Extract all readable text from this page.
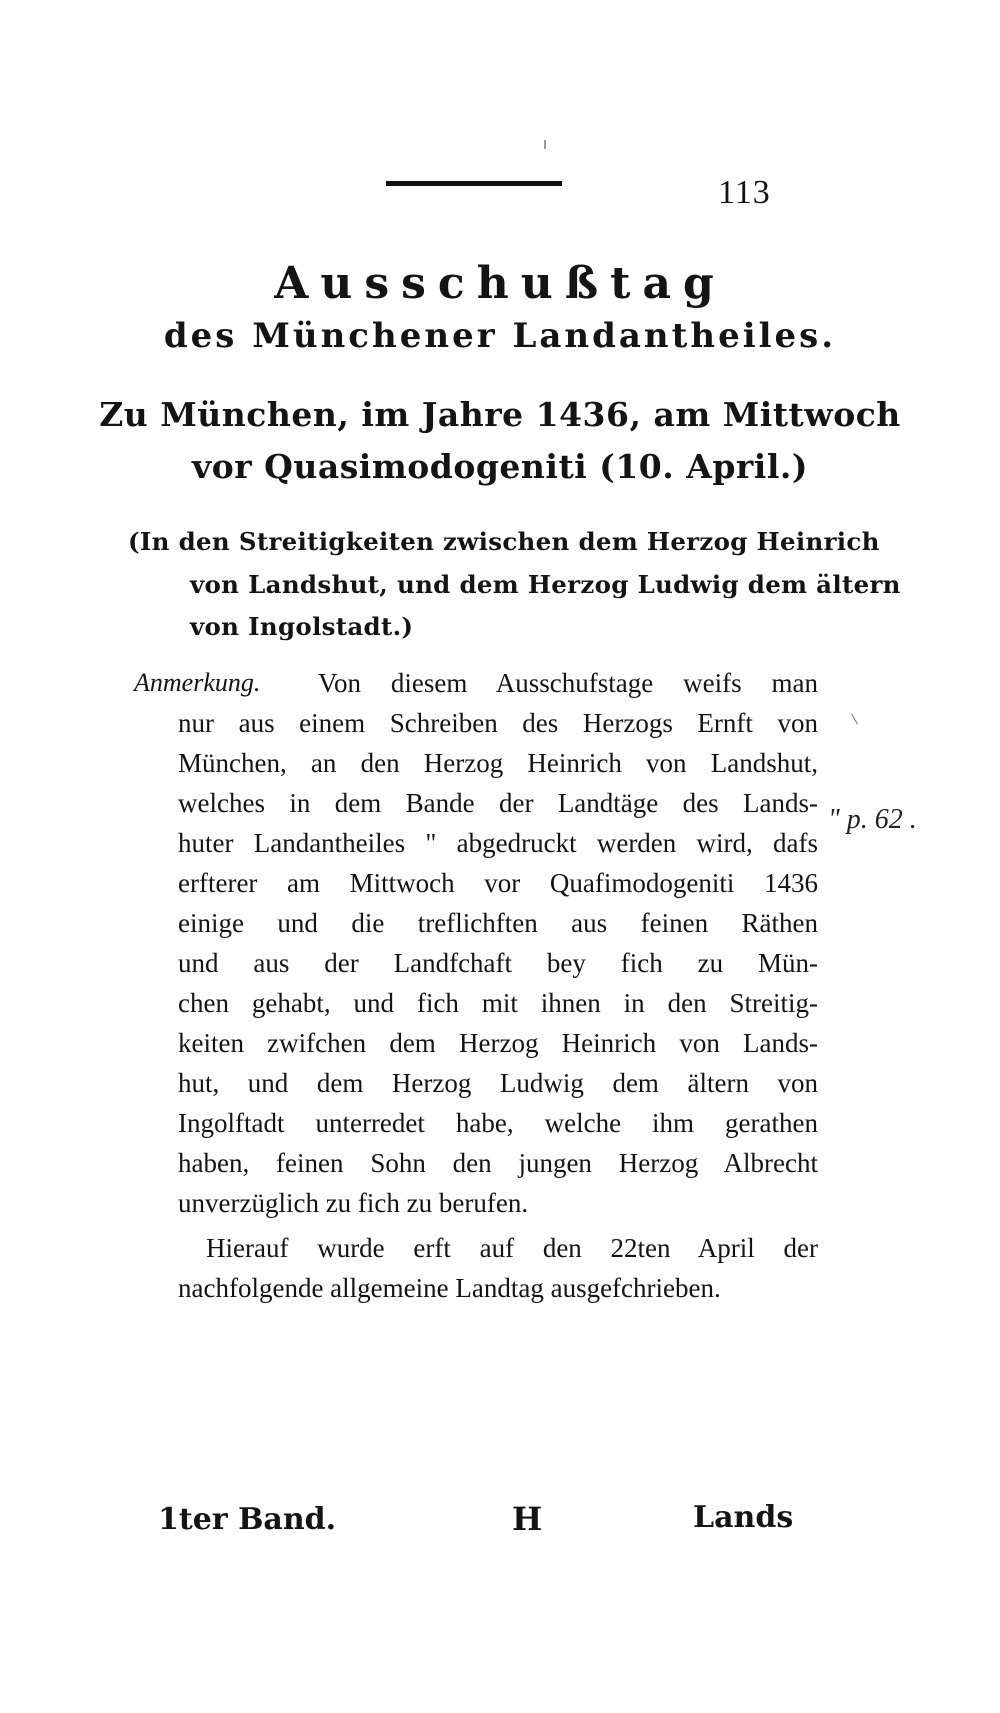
113
Ausschußtag
des Münchener Landantheiles.
Zu München, im Jahre 1436, am Mittwoch
vor Quasimodogeniti (10. April.)
(In den Streitigkeiten zwischen dem Herzog Heinrich
von Landshut, und dem Herzog Ludwig dem ältern
von Ingolstadt.)
Anmerkung. Von diesem Ausschufstage weifs man
nur aus einem Schreiben des Herzogs Ernft von
München, an den Herzog Heinrich von Landshut,
welches in dem Bande der Landtäge des Lands-
huter Landantheiles " abgedruckt werden wird, dafs
erfterer am Mittwoch vor Quafimodogeniti 1436
einige und die treflichften aus feinen Räthen
und aus der Landfchaft bey fich zu Mün-
chen gehabt, und fich mit ihnen in den Streitig-
keiten zwifchen dem Herzog Heinrich von Lands-
hut, und dem Herzog Ludwig dem ältern von
Ingolftadt unterredet habe, welche ihm gerathen
haben, feinen Sohn den jungen Herzog Albrecht
unverzüglich zu fich zu berufen.
Hierauf wurde erft auf den 22ten April der
nachfolgende allgemeine Landtag ausgefchrieben.
" p. 62 .
1ter Band.	H	Lands
